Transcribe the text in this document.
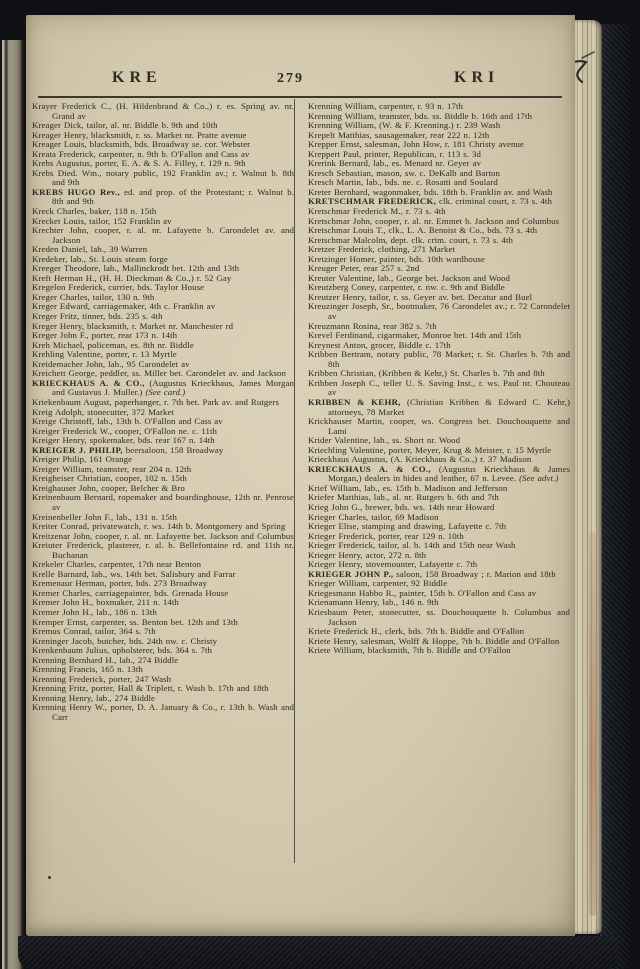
KRE	279	KRI
Krayer Frederick C., (H. Hildenbrand & Co.,) r. es. Spring av. nr. Grand av
Kreager Dick, tailor, al. nr. Biddle b. 9th and 10th
Kreager Henry, blacksmith, r. ss. Market nr. Pratte avenue
Kreager Louis, blacksmith, bds. Broadway se. cor. Webster
Kreata Frederick, carpenter, n. 9th b. O'Fallon and Cass av
Krebs Augustus, porter, E. A. & S. A. Filley, r. 129 n. 9th
Krebs Died. Wm., notary public, 192 Franklin av.; r. Walnut b. 8th and 9th
KREBS HUGO Rev., ed. and prop. of the Protestant; r. Walnut b. 8th and 9th
Kreck Charles, baker, 118 n. 15th
Krecket Louis, tailor, 152 Franklin av
Krechter John, cooper, r. al. nr. Lafayette b. Carondelet av. and Jackson
Kreden Daniel, lab., 39 Warren
Kredeker, lab., St. Louis steam forge
Kreeger Theodore, lab., Mallinckrodt bet. 12th and 13th
Kreft Herman H., (H. H. Dieckman & Co.,) r. 52 Gay
Kregelon Frederick, currier, bds. Taylor House
Kreger Charles, tailor, 130 n. 9th
Kreger Edward, carriagemaker, 4th c. Franklin av
Kreger Fritz, tinner, bds. 235 s. 4th
Kreger Henry, blacksmith, r. Market nr. Manchester rd
Kreger John F., porter, rear 173 n. 14th
Kreh Michael, policeman, es. 8th nr. Biddle
Krehling Valentine, porter, r. 13 Myrtle
Kreidemacher John, lab., 95 Carondelet av
Kreichett George, peddler, ss. Miller bet. Carondelet av. and Jackson
KRIECKHAUS A. & CO., (Augustus Krieckhaus, James Morgan and Gustavus J. Muller.) (See card.)
Kriekenbaum August, paperhanger, r. 7th bet. Park av. and Rutgers
Kreig Adolph, stonecutter, 372 Market
Kreige Christoff, lab., 13th b. O'Fallon and Cass av
Kreiger Frederick W., cooper, O'Fallon ne. c. 11th
Kreiger Henry, spokemaker, bds. rear 167 n. 14th
KREIGER J. PHILIP, beersaloon, 158 Broadway
Kreiger Philip, 161 Orange
Kreiger William, teamster, rear 204 n. 12th
Kreigheiser Christian, cooper, 102 n. 15th
Kreighauser John, cooper, Belcher & Bro
Kreinenbaum Bernard, ropemaker and boardinghouse, 12th nr. Penrose av
Kreinenbeller John F., lab., 131 n. 15th
Kreiter Conrad, privatewatch, r. ws. 14th b. Montgomery and Spring
Kreitzenar John, cooper, r. al. nr. Lafayette bet. Jackson and Columbus
Kreiuter Frederick, plasterer, r. al. b. Bellefontaine rd. and 11th nr. Buchanan
Krekeler Charles, carpenter, 17th near Benton
Krelle Barnard, lab., ws. 14th bet. Salisbury and Farrar
Kremenaur Herman, porter, bds. 273 Broadway
Kremer Charles, carriagepainter, bds. Grenada House
Kremer John H., boxmaker, 211 n. 14th
Kremer John H., lab., 186 n. 13th
Kremper Ernst, carpenter, ss. Benton bet. 12th and 13th
Kremus Conrad, tailor, 364 s. 7th
Kreninger Jacob, butcher, bds. 24th nw. c. Christy
Krenkenbaum Julius, upholsterer, bds. 364 s. 7th
Krenning Bernhard H., lab., 274 Biddle
Krenning Francis, 165 n. 13th
Krenning Frederick, porter, 247 Wash
Krenning Fritz, porter, Hall & Triplett, r. Wash b. 17th and 18th
Krenning Henry, lab., 274 Biddle
Krenning Henry W., porter, D. A. January & Co., r. 13th b. Wash and Carr
Krenning William, carpenter, r. 93 n. 17th
Krenning William, teamster, bds. ss. Biddle b. 16th and 17th
Krenning William, (W. & F. Krenning.) r. 239 Wash
Krepelt Matthias, sausagemaker, rear 222 n. 12th
Krepper Ernst, salesman, John How, r. 181 Christy avenue
Kreppert Paul, printer, Republican, r. 113 s. 3d
Krerink Bernard, lab., es. Menard nr. Geyer av
Kresch Sebastian, mason, sw. c. DeKalb and Barton
Kresch Martin, lab., bds. ne. c. Rosatti and Soulard
Kreter Bernhard, wagonmaker, bds. 18th b. Franklin av. and Wash
KRETSCHMAR FREDERICK, clk. criminal court, r. 73 s. 4th
Kretschmar Frederick M., r. 73 s. 4th
Kretschmar John, cooper, r. al. nr. Emmet b. Jackson and Columbus
Kretschmar Louis T., clk., L. A. Benoist & Co., bds. 73 s. 4th
Kretschmar Malcolm, dept. clk. crim. court, r. 73 s. 4th
Kretzer Frederick, clothing, 271 Market
Kretzinger Homer, painter, bds. 10th wardhouse
Kreuger Peter, rear 257 s. 2nd
Kreuter Valentine, lab., George bet. Jackson and Wood
Kreutzberg Coney, carpenter, r. nw. c. 9th and Biddle
Kreutzer Henry, tailor, r. ss. Geyer av. bet. Decatur and Buel
Kreuzinger Joseph, Sr., bootmaker, 76 Carondelet av.; r. 72 Carondelet av
Kreuzmann Rosina, rear 382 s. 7th
Krevel Ferdinand, cigarmaker, Monroe bet. 14th and 15th
Kreynest Anton, grocer, Biddle c. 17th
Kribben Bertram, notary public, 78 Market; r. St. Charles b. 7th and 8th
Kribben Christian, (Kribben & Kehr,) St. Charles b. 7th and 8th
Kribben Joseph C., teller U. S. Saving Inst., r. ws. Paul nr. Chouteau av
KRIBBEN & KEHR, (Christian Kribben & Edward C. Kehr,) attorneys, 78 Market
Krickhauser Martin, cooper, ws. Congress bet. Douchouquette and Lami
Krider Valentine, lab., ss. Short nr. Wood
Kriechling Valentine, porter, Meyer, Krug & Meister, r. 15 Myrtle
Krieckhaus Augustus, (A. Krieckhaus & Co.,) r. 37 Madison
KRIECKHAUS A. & CO., (Augustus Krieckhaus & James Morgan,) dealers in hides and leather, 67 n. Levee. (See advt.)
Krief William, lab., es. 15th b. Madison and Jefferson
Kriefer Matthias, lab., al. nr. Rutgers b. 6th and 7th
Krieg John G., brewer, bds. ws. 14th near Howard
Krieger Charles, tailor, 69 Madison
Krieger Elise, stamping and drawing, Lafayette c. 7th
Krieger Frederick, porter, rear 129 n. 10th
Krieger Frederick, tailor, al. b. 14th and 15th near Wash
Krieger Henry, actor, 272 n. 8th
Krieger Henry, stovemounter, Lafayette c. 7th
KRIEGER JOHN P., saloon, 158 Broadway ; r. Marion and 18th
Krieger William, carpenter, 92 Biddle
Kriegesmann Habbo R., painter, 15th b. O'Fallon and Cass av
Krienamann Henry, lab., 146 n. 9th
Kriesbaum Peter, stonecutter, ss. Douchouquette b. Columbus and Jackson
Kriete Frederick H., clerk, bds. 7th b. Biddle and O'Fallon
Kriete Henry, salesman, Wolff & Hoppe, 7th b. Biddle and O'Fallon
Kriete William, blacksmith, 7th b. Biddle and O'Fallon
